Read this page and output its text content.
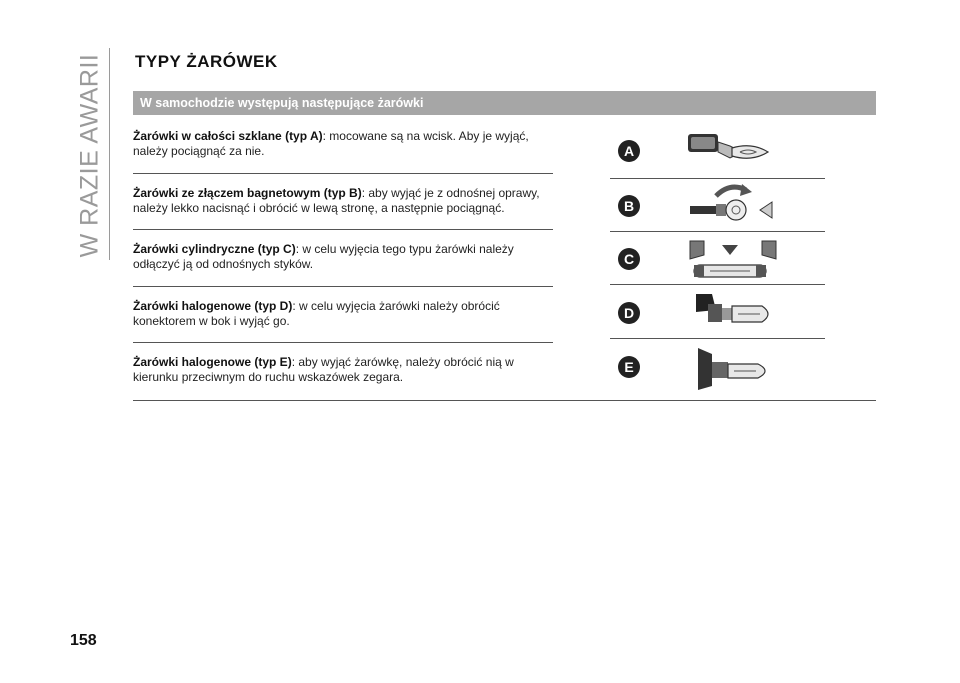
W RAZIE AWARII TYPY ŻARÓWEK
W samochodzie występują następujące żarówki
Żarówki w całości szklane (typ A): mocowane są na wcisk. Aby je wyjąć, należy pociągnąć za nie.
Żarówki ze złączem bagnetowym (typ B): aby wyjąć je z odnośnej oprawy, należy lekko nacisnąć i obrócić w lewą stronę, a następnie pociągnąć.
Żarówki cylindryczne (typ C): w celu wyjęcia tego typu żarówki należy odłączyć ją od odnośnych styków.
Żarówki halogenowe (typ D): w celu wyjęcia żarówki należy obrócić konektorem w bok i wyjąć go.
Żarówki halogenowe (typ E): aby wyjąć żarówkę, należy obrócić nią w kierunku przeciwnym do ruchu wskazówek zegara.
A
B
C
D
E
158
